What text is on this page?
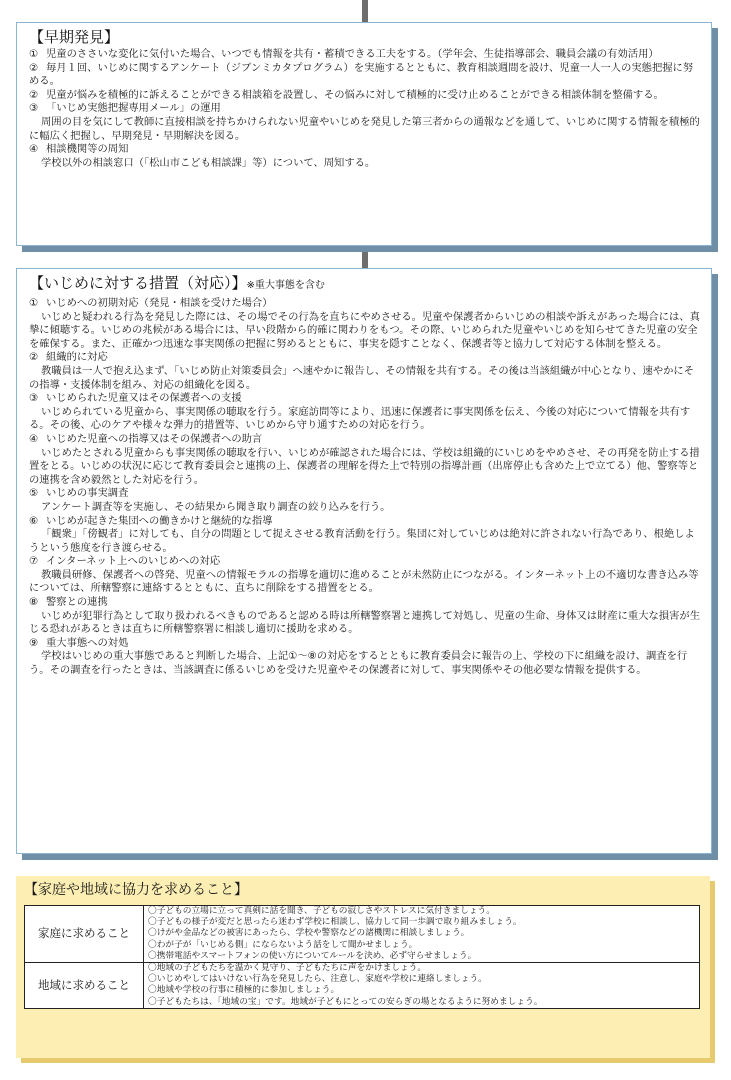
【早期発見】
① 児童のささいな変化に気付いた場合、いつでも情報を共有・蓄積できる工夫をする。（学年会、生徒指導部会、職員会議の有効活用）
② 毎月１回、いじめに関するアンケート（ジブンミカタプログラム）を実施するとともに、教育相談週間を設け、児童一人一人の実態把握に努める。
② 児童が悩みを積極的に訴えることができる相談箱を設置し、その悩みに対して積極的に受け止めることができる相談体制を整備する。
③ 「いじめ実態把握専用メール」の運用
周囲の目を気にして教師に直接相談を持ちかけられない児童やいじめを発見した第三者からの通報などを通して、いじめに関する情報を積極的に幅広く把握し、早期発見・早期解決を図る。
④ 相談機関等の周知
学校以外の相談窓口（「松山市こども相談課」等）について、周知する。
【いじめに対する措置（対応）】※重大事態を含む
① いじめへの初期対応（発見・相談を受けた場合）
いじめと疑われる行為を発見した際には、その場でその行為を直ちにやめさせる。児童や保護者からいじめの相談や訴えがあった場合には、真摯に傾聴する。いじめの兆候がある場合には、早い段階から的確に関わりをもつ。その際、いじめられた児童やいじめを知らせてきた児童の安全を確保する。また、正確かつ迅速な事実関係の把握に努めるとともに、事実を隠すことなく、保護者等と協力して対応する体制を整える。
② 組織的に対応
教職員は一人で抱え込まず、「いじめ防止対策委員会」へ速やかに報告し、その情報を共有する。その後は当該組織が中心となり、速やかにその指導・支援体制を組み、対応の組織化を図る。
③ いじめられた児童又はその保護者への支援
いじめられている児童から、事実関係の聴取を行う。家庭訪問等により、迅速に保護者に事実関係を伝え、今後の対応について情報を共有する。その後、心のケアや様々な弾力的措置等、いじめから守り通すための対応を行う。
④ いじめた児童への指導又はその保護者への助言
いじめたとされる児童からも事実関係の聴取を行い、いじめが確認された場合には、学校は組織的にいじめをやめさせ、その再発を防止する措置をとる。いじめの状況に応じて教育委員会と連携の上、保護者の理解を得た上で特別の指導計画（出席停止も含めた上で立てる）他、警察等との連携を含め毅然とした対応を行う。
⑤ いじめの事実調査
アンケート調査等を実施し、その結果から聞き取り調査の絞り込みを行う。
⑥ いじめが起きた集団への働きかけと継続的な指導
「観衆」「傍観者」に対しても、自分の問題として捉えさせる教育活動を行う。集団に対していじめは絶対に許されない行為であり、根絶しようという態度を行き渡らせる。
⑦ インターネット上へのいじめへの対応
教職員研修、保護者への啓発、児童への情報モラルの指導を適切に進めることが未然防止につながる。インターネット上の不適切な書き込み等については、所轄警察に連絡するとともに、直ちに削除をする措置をとる。
⑧ 警察との連携
いじめが犯罪行為として取り扱われるべきものであると認める時は所轄警察署と連携して対処し、児童の生命、身体又は財産に重大な損害が生じる恐れがあるときは直ちに所轄警察署に相談し適切に援助を求める。
⑨ 重大事態への対処
学校はいじめの重大事態であると判断した場合、上記①～⑧の対応をするとともに教育委員会に報告の上、学校の下に組織を設け、調査を行う。その調査を行ったときは、当該調査に係るいじめを受けた児童やその保護者に対して、事実関係やその他必要な情報を提供する。
【家庭や地域に協力を求めること】
家庭に求めること	〇子どもの立場に立って真剣に話を聞き、子どもの寂しさやストレスに気付きましょう。
〇子どもの様子が変だと思ったら迷わず学校に相談し、協力して同一歩調で取り組みましょう。
〇けがや金品などの被害にあったら、学校や警察などの諸機関に相談しましょう。
〇わが子が「いじめる側」にならないよう話をして聞かせましょう。
〇携帯電話やスマートフォンの使い方についてルールを決め、必ず守らせましょう。

地域に求めること	〇地域の子どもたちを温かく見守り、子どもたちに声をかけましょう。
〇いじめやしてはいけない行為を発見したら、注意し、家庭や学校に連絡しましょう。
〇地域や学校の行事に積極的に参加しましょう。
〇子どもたちは、「地域の宝」です。地域が子どもにとっての安らぎの場となるように努めましょう。
